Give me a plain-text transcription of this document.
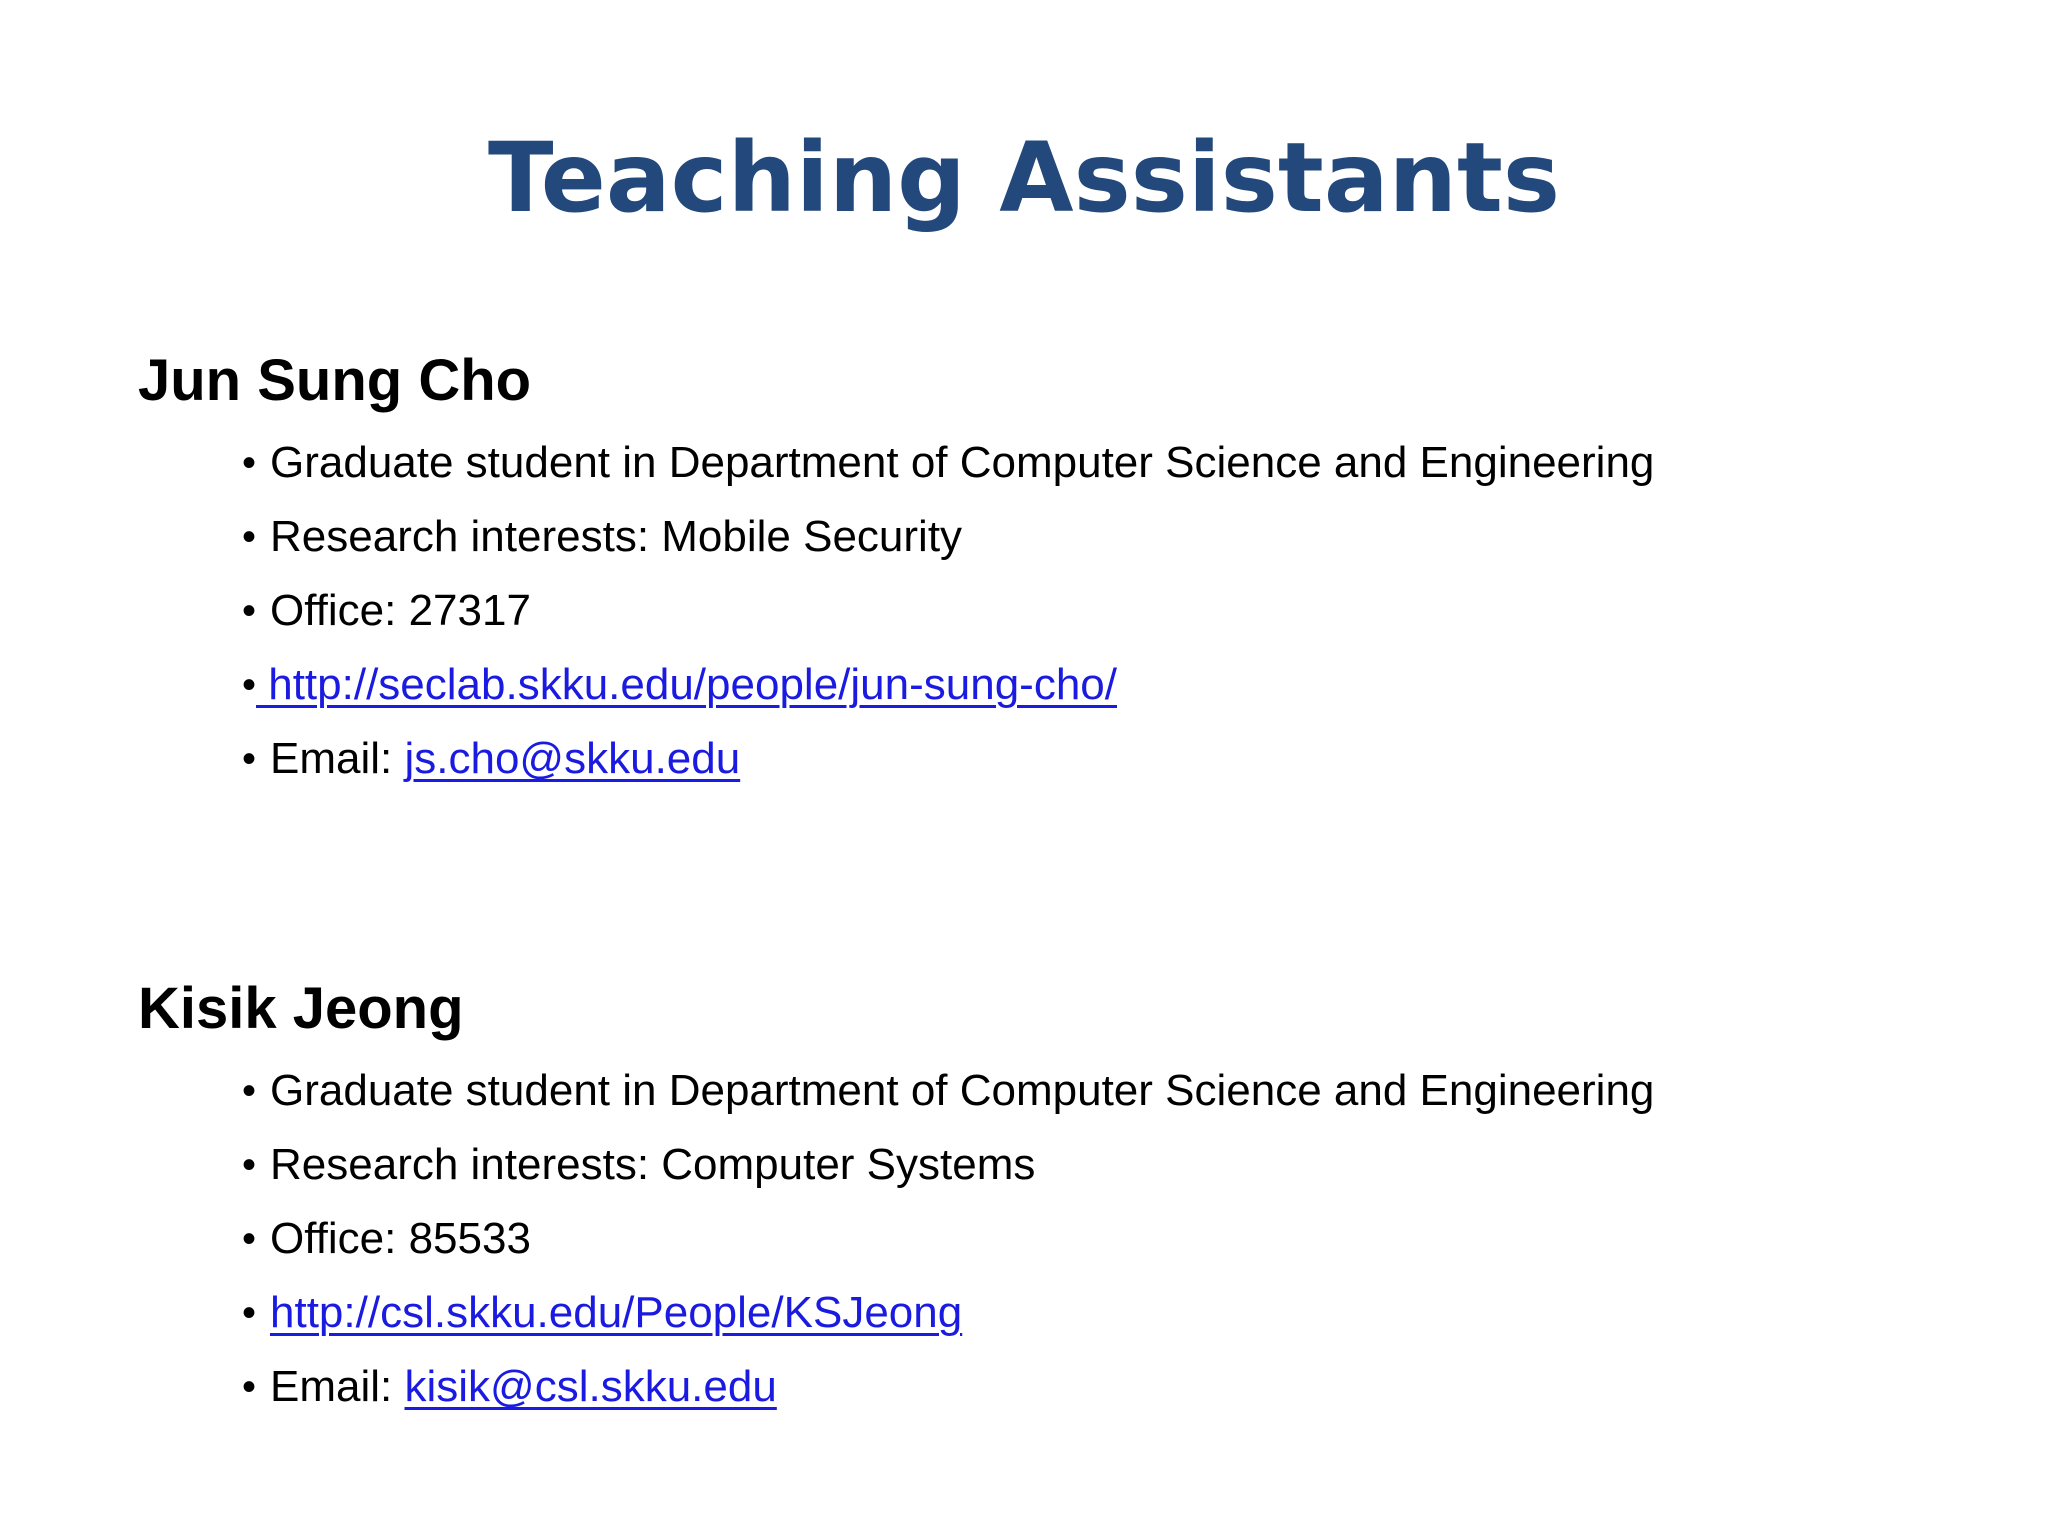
Teaching Assistants
Jun Sung Cho
• Graduate student in Department of Computer Science and Engineering
• Research interests: Mobile Security
• Office: 27317
• http://seclab.skku.edu/people/jun-sung-cho/
• Email: js.cho@skku.edu
Kisik Jeong
• Graduate student in Department of Computer Science and Engineering
• Research interests: Computer Systems
• Office: 85533
• http://csl.skku.edu/People/KSJeong
• Email: kisik@csl.skku.edu
